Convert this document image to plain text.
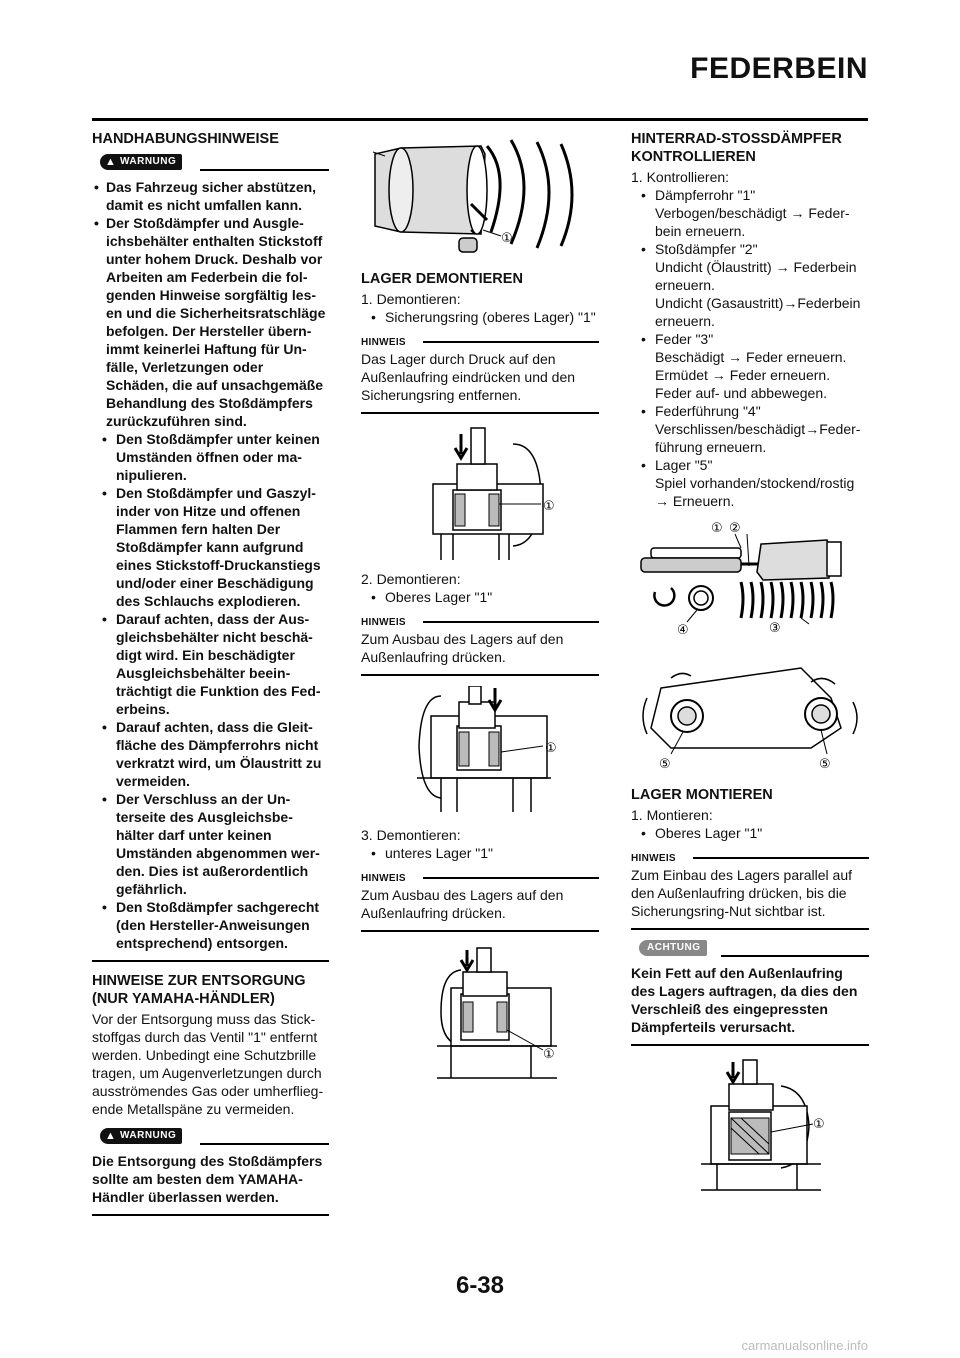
FEDERBEIN

HANDHABUNGSHINWEISE

▲ WARNUNG
• Das Fahrzeug sicher abstützen, damit es nicht umfallen kann.
• Der Stoßdämpfer und Ausgle-ichsbehälter enthalten Stickstoff unter hohem Druck. Deshalb vor Arbeiten am Federbein die fol-genden Hinweise sorgfältig les-en und die Sicherheitsratschläge befolgen. Der Hersteller übern-immt keinerlei Haftung für Un-fälle, Verletzungen oder Schäden, die auf unsachgemäße Behandlung des Stoßdämpfers zurückzuführen sind.
• Den Stoßdämpfer unter keinen Umständen öffnen oder ma-nipulieren.
• Den Stoßdämpfer und Gaszyl-inder von Hitze und offenen Flammen fern halten Der Stoßdämpfer kann aufgrund eines Stickstoff-Druckanstiegs und/oder einer Beschädigung des Schlauchs explodieren.
• Darauf achten, dass der Aus-gleichsbehälter nicht beschä-digt wird. Ein beschädigter Ausgleichsbehälter beein-trächtigt die Funktion des Fed-erbeins.
• Darauf achten, dass die Gleit-fläche des Dämpferrohrs nicht verkratzt wird, um Ölaustritt zu vermeiden.
• Der Verschluss an der Un-terseite des Ausgleichsbe-hälter darf unter keinen Umständen abgenommen wer-den. Dies ist außerordentlich gefährlich.
• Den Stoßdämpfer sachgerecht (den Hersteller-Anweisungen entsprechend) entsorgen.

HINWEISE ZUR ENTSORGUNG (NUR YAMAHA-HÄNDLER)

Vor der Entsorgung muss das Stick-stoffgas durch das Ventil "1" entfernt werden. Unbedingt eine Schutzbrille tragen, um Augenverletzungen durch ausströmendes Gas oder umherflieg-ende Metallspäne zu vermeiden.

▲ WARNUNG

Die Entsorgung des Stoßdämpfers sollte am besten dem YAMAHA-Händler überlassen werden.

①

LAGER DEMONTIEREN

1. Demontieren:

• Sicherungsring (oberes Lager) "1"
HINWEIS

Das Lager durch Druck auf den Außenlaufring eindrücken und den Sicherungsring entfernen.

①

2. Demontieren:

• Oberes Lager "1"
HINWEIS

Zum Ausbau des Lagers auf den Außenlaufring drücken.

①

3. Demontieren:

• unteres Lager "1"
HINWEIS

Zum Ausbau des Lagers auf den Außenlaufring drücken.

①

HINTERRAD-STOSSDÄMPFER KONTROLLIEREN

1. Kontrollieren:

• Dämpferrohr "1"
Verbogen/beschädigt → Feder-bein erneuern.
• Stoßdämpfer "2"
Undicht (Ölaustritt) → Federbein erneuern.
Undicht (Gasaustritt)→Federbein erneuern.
• Feder "3"
Beschädigt → Feder erneuern.
Ermüdet → Feder erneuern.
Feder auf- und abbewegen.
• Federführung "4"
Verschlissen/beschädigt→Feder-führung erneuern.
• Lager "5"
Spiel vorhanden/stockend/rostig
→ Erneuern.
① ②
④	③
⑤	⑤

LAGER MONTIEREN

1. Montieren:

• Oberes Lager "1"
HINWEIS

Zum Einbau des Lagers parallel auf den Außenlaufring drücken, bis die Sicherungsring-Nut sichtbar ist.

ACHTUNG

Kein Fett auf den Außenlaufring des Lagers auftragen, da dies den Verschleiß des eingepressten Dämpferteils verursacht.

①
6-38
carmanualsonline.info
